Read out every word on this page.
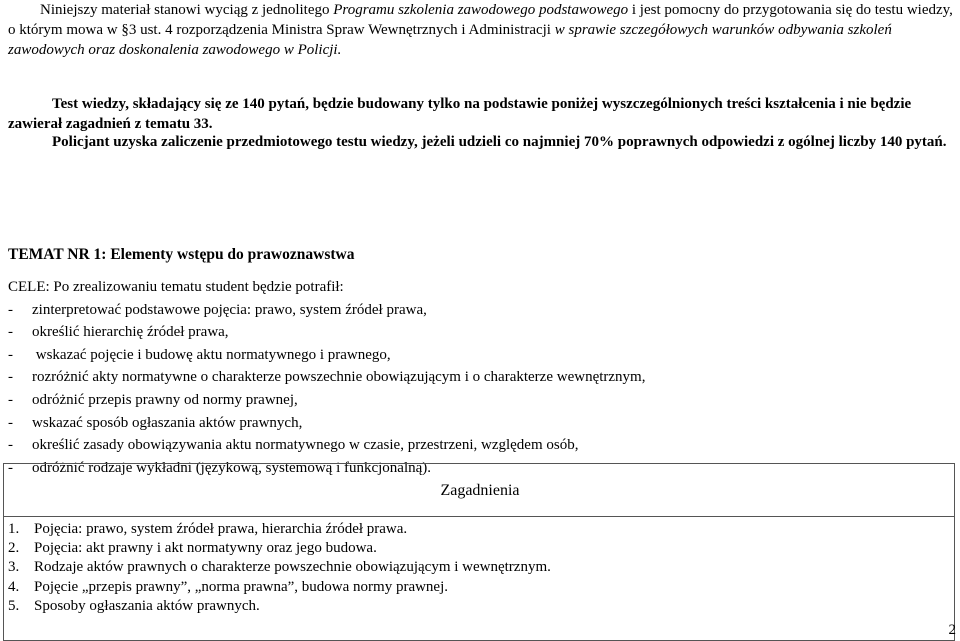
Niniejszy materiał stanowi wyciąg z jednolitego Programu szkolenia zawodowego podstawowego i jest pomocny do przygotowania się do testu wiedzy, o którym mowa w §3 ust. 4 rozporządzenia Ministra Spraw Wewnętrznych i Administracji w sprawie szczegółowych warunków odbywania szkoleń zawodowych oraz doskonalenia zawodowego w Policji.

Test wiedzy, składający się ze 140 pytań, będzie budowany tylko na podstawie poniżej wyszczególnionych treści kształcenia i nie będzie zawierał zagadnień z tematu 33.

Policjant uzyska zaliczenie przedmiotowego testu wiedzy, jeżeli udzieli co najmniej 70% poprawnych odpowiedzi z ogólnej liczby 140 pytań.

TEMAT NR 1: Elementy wstępu do prawoznawstwa
CELE: Po zrealizowaniu tematu student będzie potrafił:
- zinterpretować podstawowe pojęcia: prawo, system źródeł prawa,
- określić hierarchię źródeł prawa,
- wskazać pojęcie i budowę aktu normatywnego i prawnego,
- rozróżnić akty normatywne o charakterze powszechnie obowiązującym i o charakterze wewnętrznym,
- odróżnić przepis prawny od normy prawnej,
- wskazać sposób ogłaszania aktów prawnych,
- określić zasady obowiązywania aktu normatywnego w czasie, przestrzeni, względem osób,
- odróżnić rodzaje wykładni (językową, systemową i funkcjonalną).
Zagadnienia
1. Pojęcia: prawo, system źródeł prawa, hierarchia źródeł prawa.
2. Pojęcia: akt prawny i akt normatywny oraz jego budowa.
3. Rodzaje aktów prawnych o charakterze powszechnie obowiązującym i wewnętrznym.
4. Pojęcie „przepis prawny”, „norma prawna”, budowa normy prawnej.
5. Sposoby ogłaszania aktów prawnych.
2
